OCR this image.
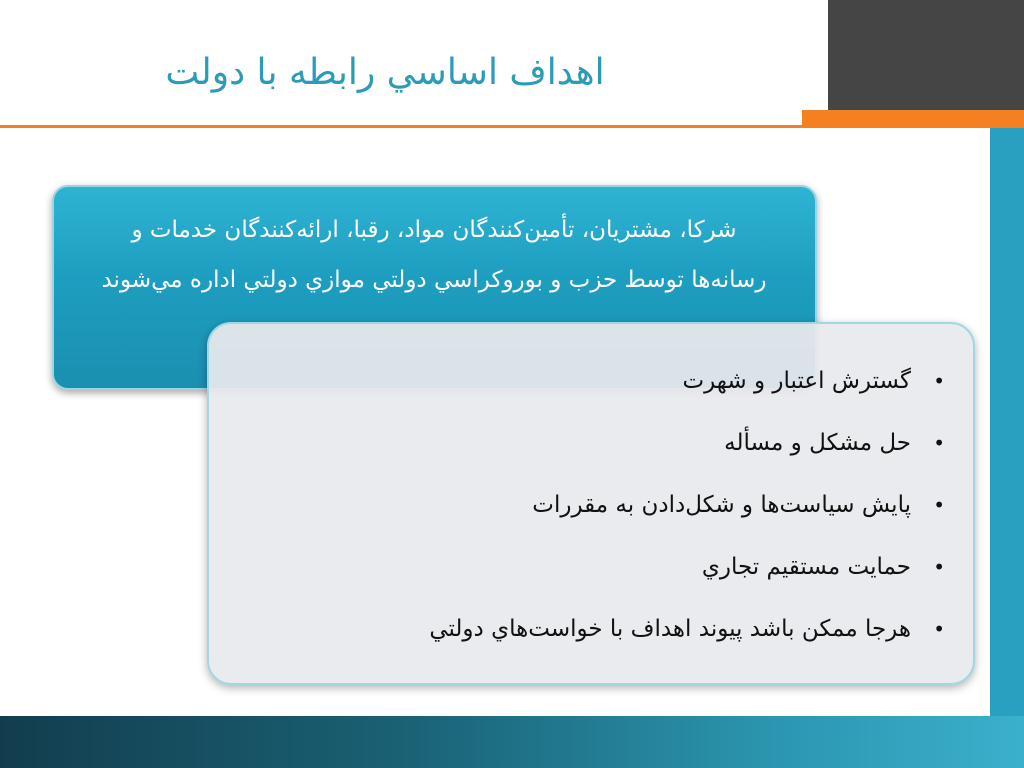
اهداف اساسي رابطه با دولت
شركا، مشتريان، تأمين‌كنندگان مواد، رقبا، ارائه‌كنندگان خدمات و
رسانه‌ها توسط حزب و بوروكراسي دولتي موازي دولتي اداره مي‌شوند
•گسترش اعتبار و شهرت
•حل مشكل و مسأله
•پايش سياست‌ها و شكل‌دادن به مقررات
•حمايت مستقيم تجاري
•هرجا ممكن باشد پيوند اهداف با خواست‌هاي دولتي
